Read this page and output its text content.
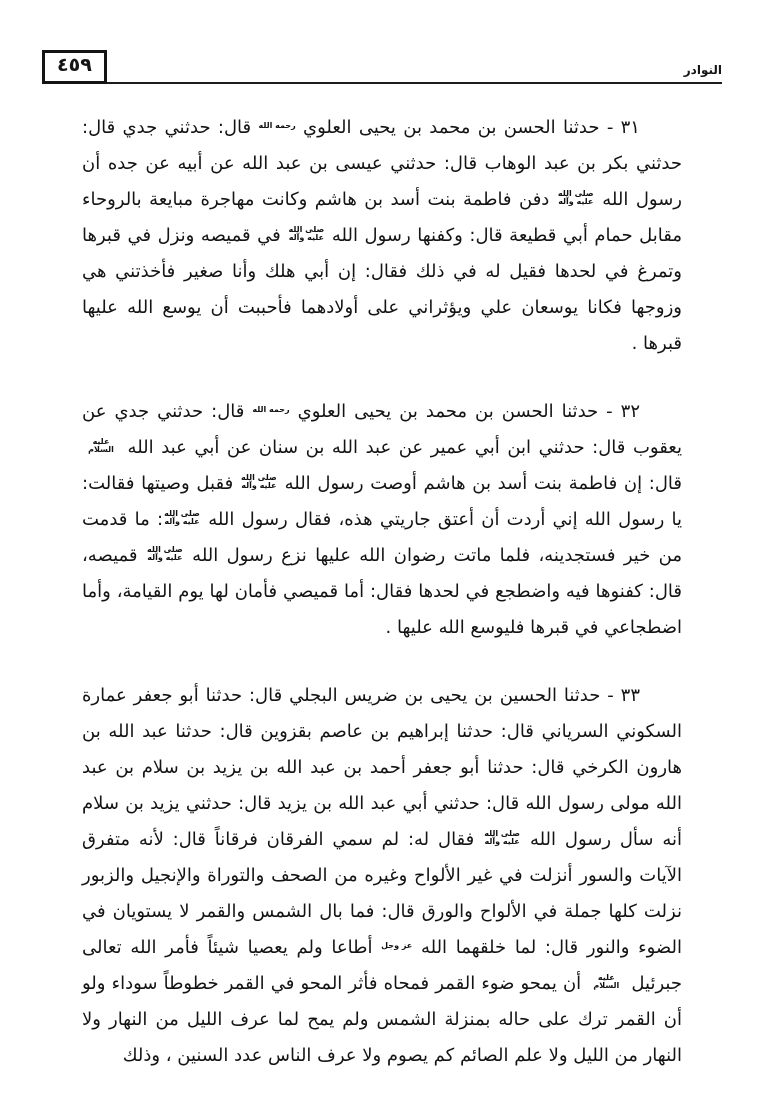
٤٥٩	النوادر

٣١ - حدثنا الحسن بن محمد بن يحيى العلوي رحمه الله قال: حدثني جدي قال: حدثني بكر بن عبد الوهاب قال: حدثني عيسى بن عبد الله عن أبيه عن جده أن رسول الله صلى الله عليه وآله دفن فاطمة بنت أسد بن هاشم وكانت مهاجرة مبايعة بالروحاء مقابل حمام أبي قطيعة قال: وكفنها رسول الله صلى الله عليه وآله في قميصه ونزل في قبرها وتمرغ في لحدها فقيل له في ذلك فقال: إن أبي هلك وأنا صغير فأخذتني هي وزوجها فكانا يوسعان علي ويؤثراني على أولادهما فأحببت أن يوسع الله عليها قبرها .

٣٢ - حدثنا الحسن بن محمد بن يحيى العلوي رحمه الله قال: حدثني جدي عن يعقوب قال: حدثني ابن أبي عمير عن عبد الله بن سنان عن أبي عبد الله عليه السلام قال: إن فاطمة بنت أسد بن هاشم أوصت رسول الله صلى الله عليه وآله فقبل وصيتها فقالت: يا رسول الله إني أردت أن أعتق جاريتي هذه، فقال رسول الله صلى الله عليه وآله: ما قدمت من خير فستجدينه، فلما ماتت رضوان الله عليها نزع رسول الله صلى الله عليه وآله قميصه، قال: كفنوها فيه واضطجع في لحدها فقال: أما قميصي فأمان لها يوم القيامة، وأما اضطجاعي في قبرها فليوسع الله عليها .

٣٣ - حدثنا الحسين بن يحيى بن ضريس البجلي قال: حدثنا أبو جعفر عمارة السكوني السرياني قال: حدثنا إبراهيم بن عاصم بقزوين قال: حدثنا عبد الله بن هارون الكرخي قال: حدثنا أبو جعفر أحمد بن عبد الله بن يزيد بن سلام بن عبد الله مولى رسول الله قال: حدثني أبي عبد الله بن يزيد قال: حدثني يزيد بن سلام أنه سأل رسول الله صلى الله عليه وآله فقال له: لم سمي الفرقان فرقاناً قال: لأنه متفرق الآيات والسور أنزلت في غير الألواح وغيره من الصحف والتوراة والإنجيل والزبور نزلت كلها جملة في الألواح والورق قال: فما بال الشمس والقمر لا يستويان في الضوء والنور قال: لما خلقهما الله عز وجل أطاعا ولم يعصيا شيئاً فأمر الله تعالى جبرئيل عليه السلام أن يمحو ضوء القمر فمحاه فأثر المحو في القمر خطوطاً سوداء ولو أن القمر ترك على حاله بمنزلة الشمس ولم يمح لما عرف الليل من النهار ولا النهار من الليل ولا علم الصائم كم يصوم ولا عرف الناس عدد السنين ، وذلك
